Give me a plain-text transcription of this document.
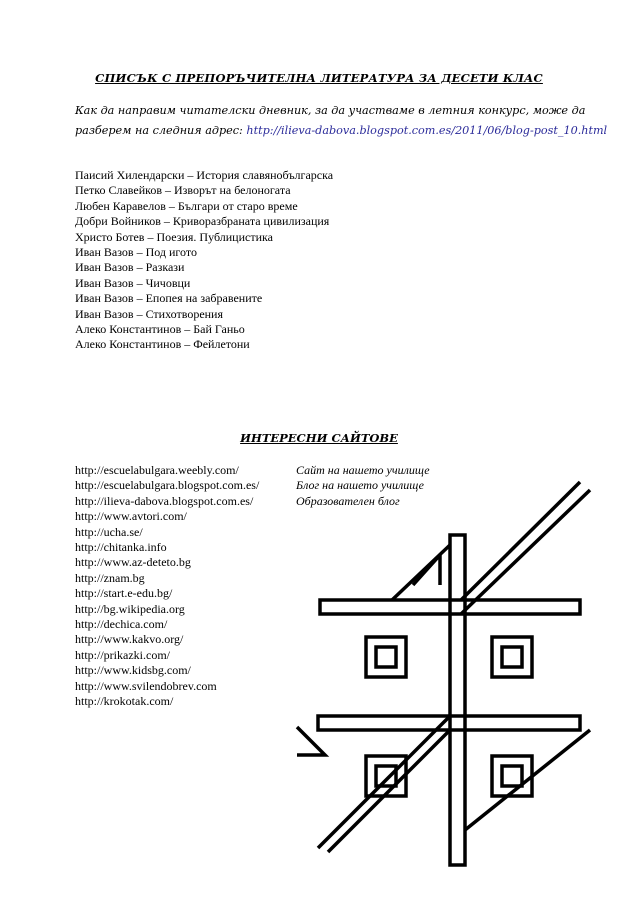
СПИСЪК С ПРЕПОРЪЧИТЕЛНА ЛИТЕРАТУРА ЗА ДЕСЕТИ КЛАС
Как да направим читателски дневник, за да участваме в летния конкурс, може да
разберем на следния адрес: http://ilieva-dabova.blogspot.com.es/2011/06/blog-post_10.html
Паисий Хилендарски – История славянобългарска
Петко Славейков – Изворът на белоногата
Любен Каравелов – Българи от старо време
Добри Войников – Криворазбраната цивилизация
Христо Ботев – Поезия. Публицистика
Иван Вазов – Под игото
Иван Вазов – Разкази
Иван Вазов – Чичовци
Иван Вазов – Епопея на забравените
Иван Вазов – Стихотворения
Алеко Константинов – Бай Ганьо
Алеко Константинов – Фейлетони
ИНТЕРЕСНИ САЙТОВЕ
http://escuelabulgara.weebly.com/
http://escuelabulgara.blogspot.com.es/
http://ilieva-dabova.blogspot.com.es/
http://www.avtori.com/
http://ucha.se/
http://chitanka.info
http://www.az-deteto.bg
http://znam.bg
http://start.e-edu.bg/
http://bg.wikipedia.org
http://dechica.com/
http://www.kakvo.org/
http://prikazki.com/
http://www.kidsbg.com/
http://www.svilendobrev.com
http://krokotak.com/
Сайт на нашето училище
Блог на нашето училище
Образователен блог
